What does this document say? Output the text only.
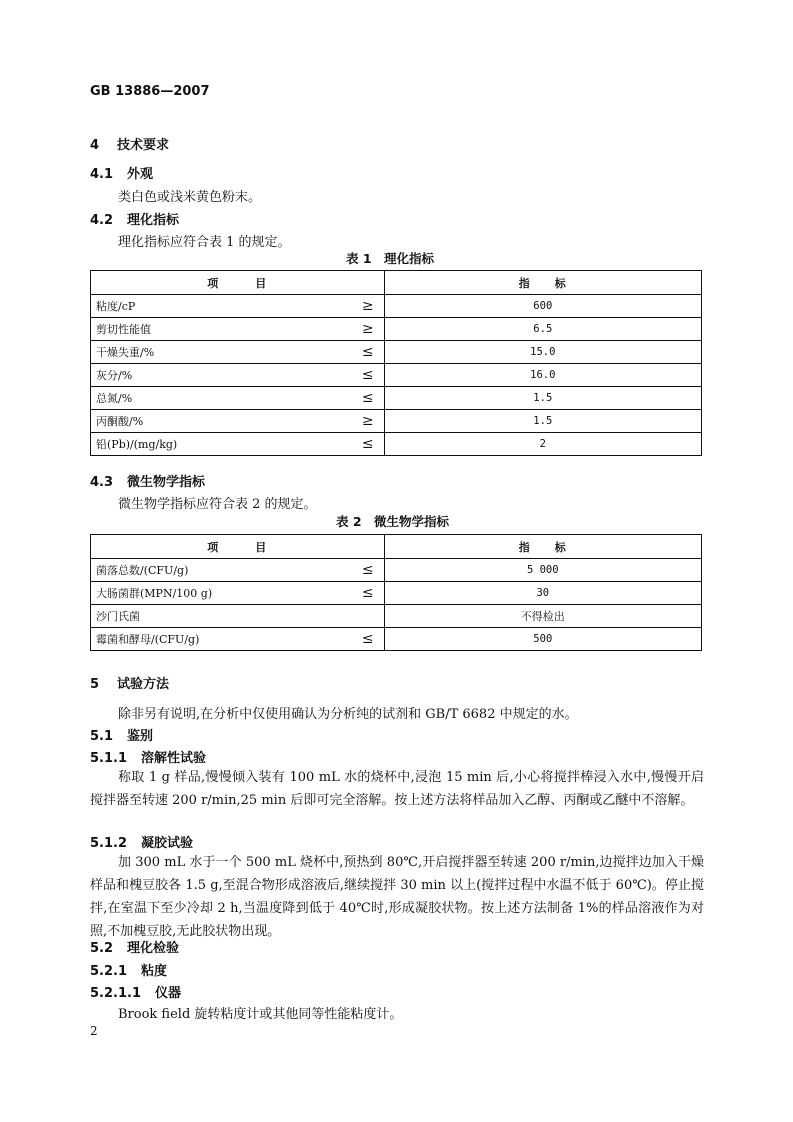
GB 13886—2007
4 技术要求
4.1 外观
类白色或浅米黄色粉末。
4.2 理化指标
理化指标应符合表 1 的规定。
表 1　理化指标
项　　　目		指　　标
粘度/cP	≥	600
剪切性能值	≥	6.5
干燥失重/%	≤	15.0
灰分/%	≤	16.0
总氮/%	≤	1.5
丙酮酸/%	≥	1.5
铅(Pb)/(mg/kg)	≤	2
4.3 微生物学指标
微生物学指标应符合表 2 的规定。
表 2　微生物学指标
项　　　目		指　　标
菌落总数/(CFU/g)	≤	5 000
大肠菌群(MPN/100 g)	≤	30
沙门氏菌		不得检出
霉菌和酵母/(CFU/g)	≤	500
5 试验方法
除非另有说明,在分析中仅使用确认为分析纯的试剂和 GB/T 6682 中规定的水。
5.1 鉴别
5.1.1 溶解性试验
称取 1 g 样品,慢慢倾入装有 100 mL 水的烧杯中,浸泡 15 min 后,小心将搅拌棒浸入水中,慢慢开启搅拌器至转速 200 r/min,25 min 后即可完全溶解。按上述方法将样品加入乙醇、丙酮或乙醚中不溶解。
5.1.2 凝胶试验
加 300 mL 水于一个 500 mL 烧杯中,预热到 80℃,开启搅拌器至转速 200 r/min,边搅拌边加入干燥样品和槐豆胶各 1.5 g,至混合物形成溶液后,继续搅拌 30 min 以上(搅拌过程中水温不低于 60℃)。停止搅拌,在室温下至少冷却 2 h,当温度降到低于 40℃时,形成凝胶状物。按上述方法制备 1%的样品溶液作为对照,不加槐豆胶,无此胶状物出现。
5.2 理化检验
5.2.1 粘度
5.2.1.1 仪器
Brook field 旋转粘度计或其他同等性能粘度计。
2
